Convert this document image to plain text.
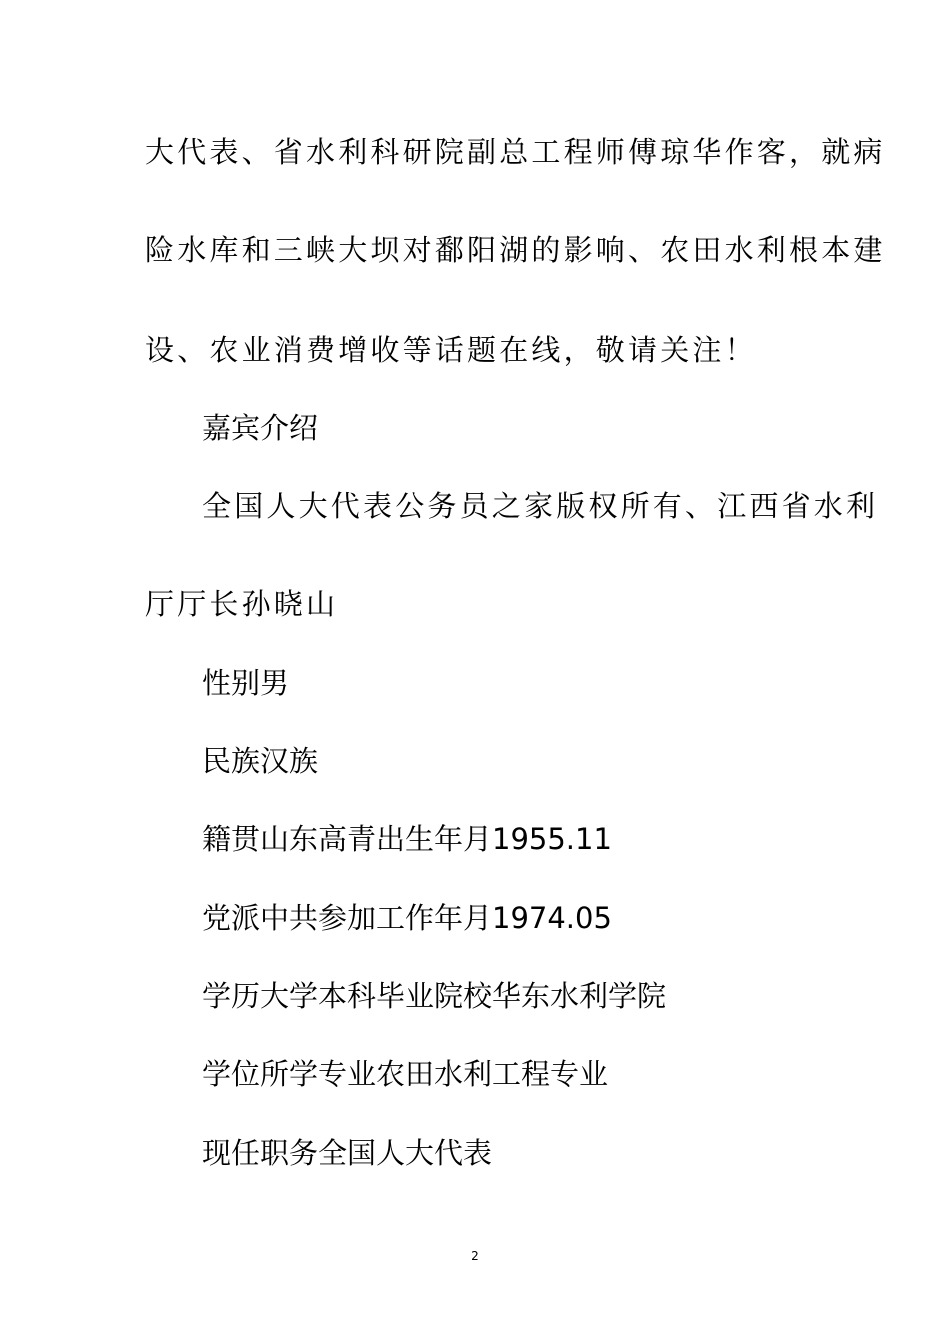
大代表、省水利科研院副总工程师傅琼华作客，就病
险水库和三峡大坝对鄱阳湖的影响、农田水利根本建
设、农业消费增收等话题在线，敬请关注！
嘉宾介绍
全国人大代表公务员之家版权所有、江西省水利
厅厅长孙晓山
性别男
民族汉族
籍贯山东高青出生年月1955.11
党派中共参加工作年月1974.05
学历大学本科毕业院校华东水利学院
学位所学专业农田水利工程专业
现任职务全国人大代表
2
